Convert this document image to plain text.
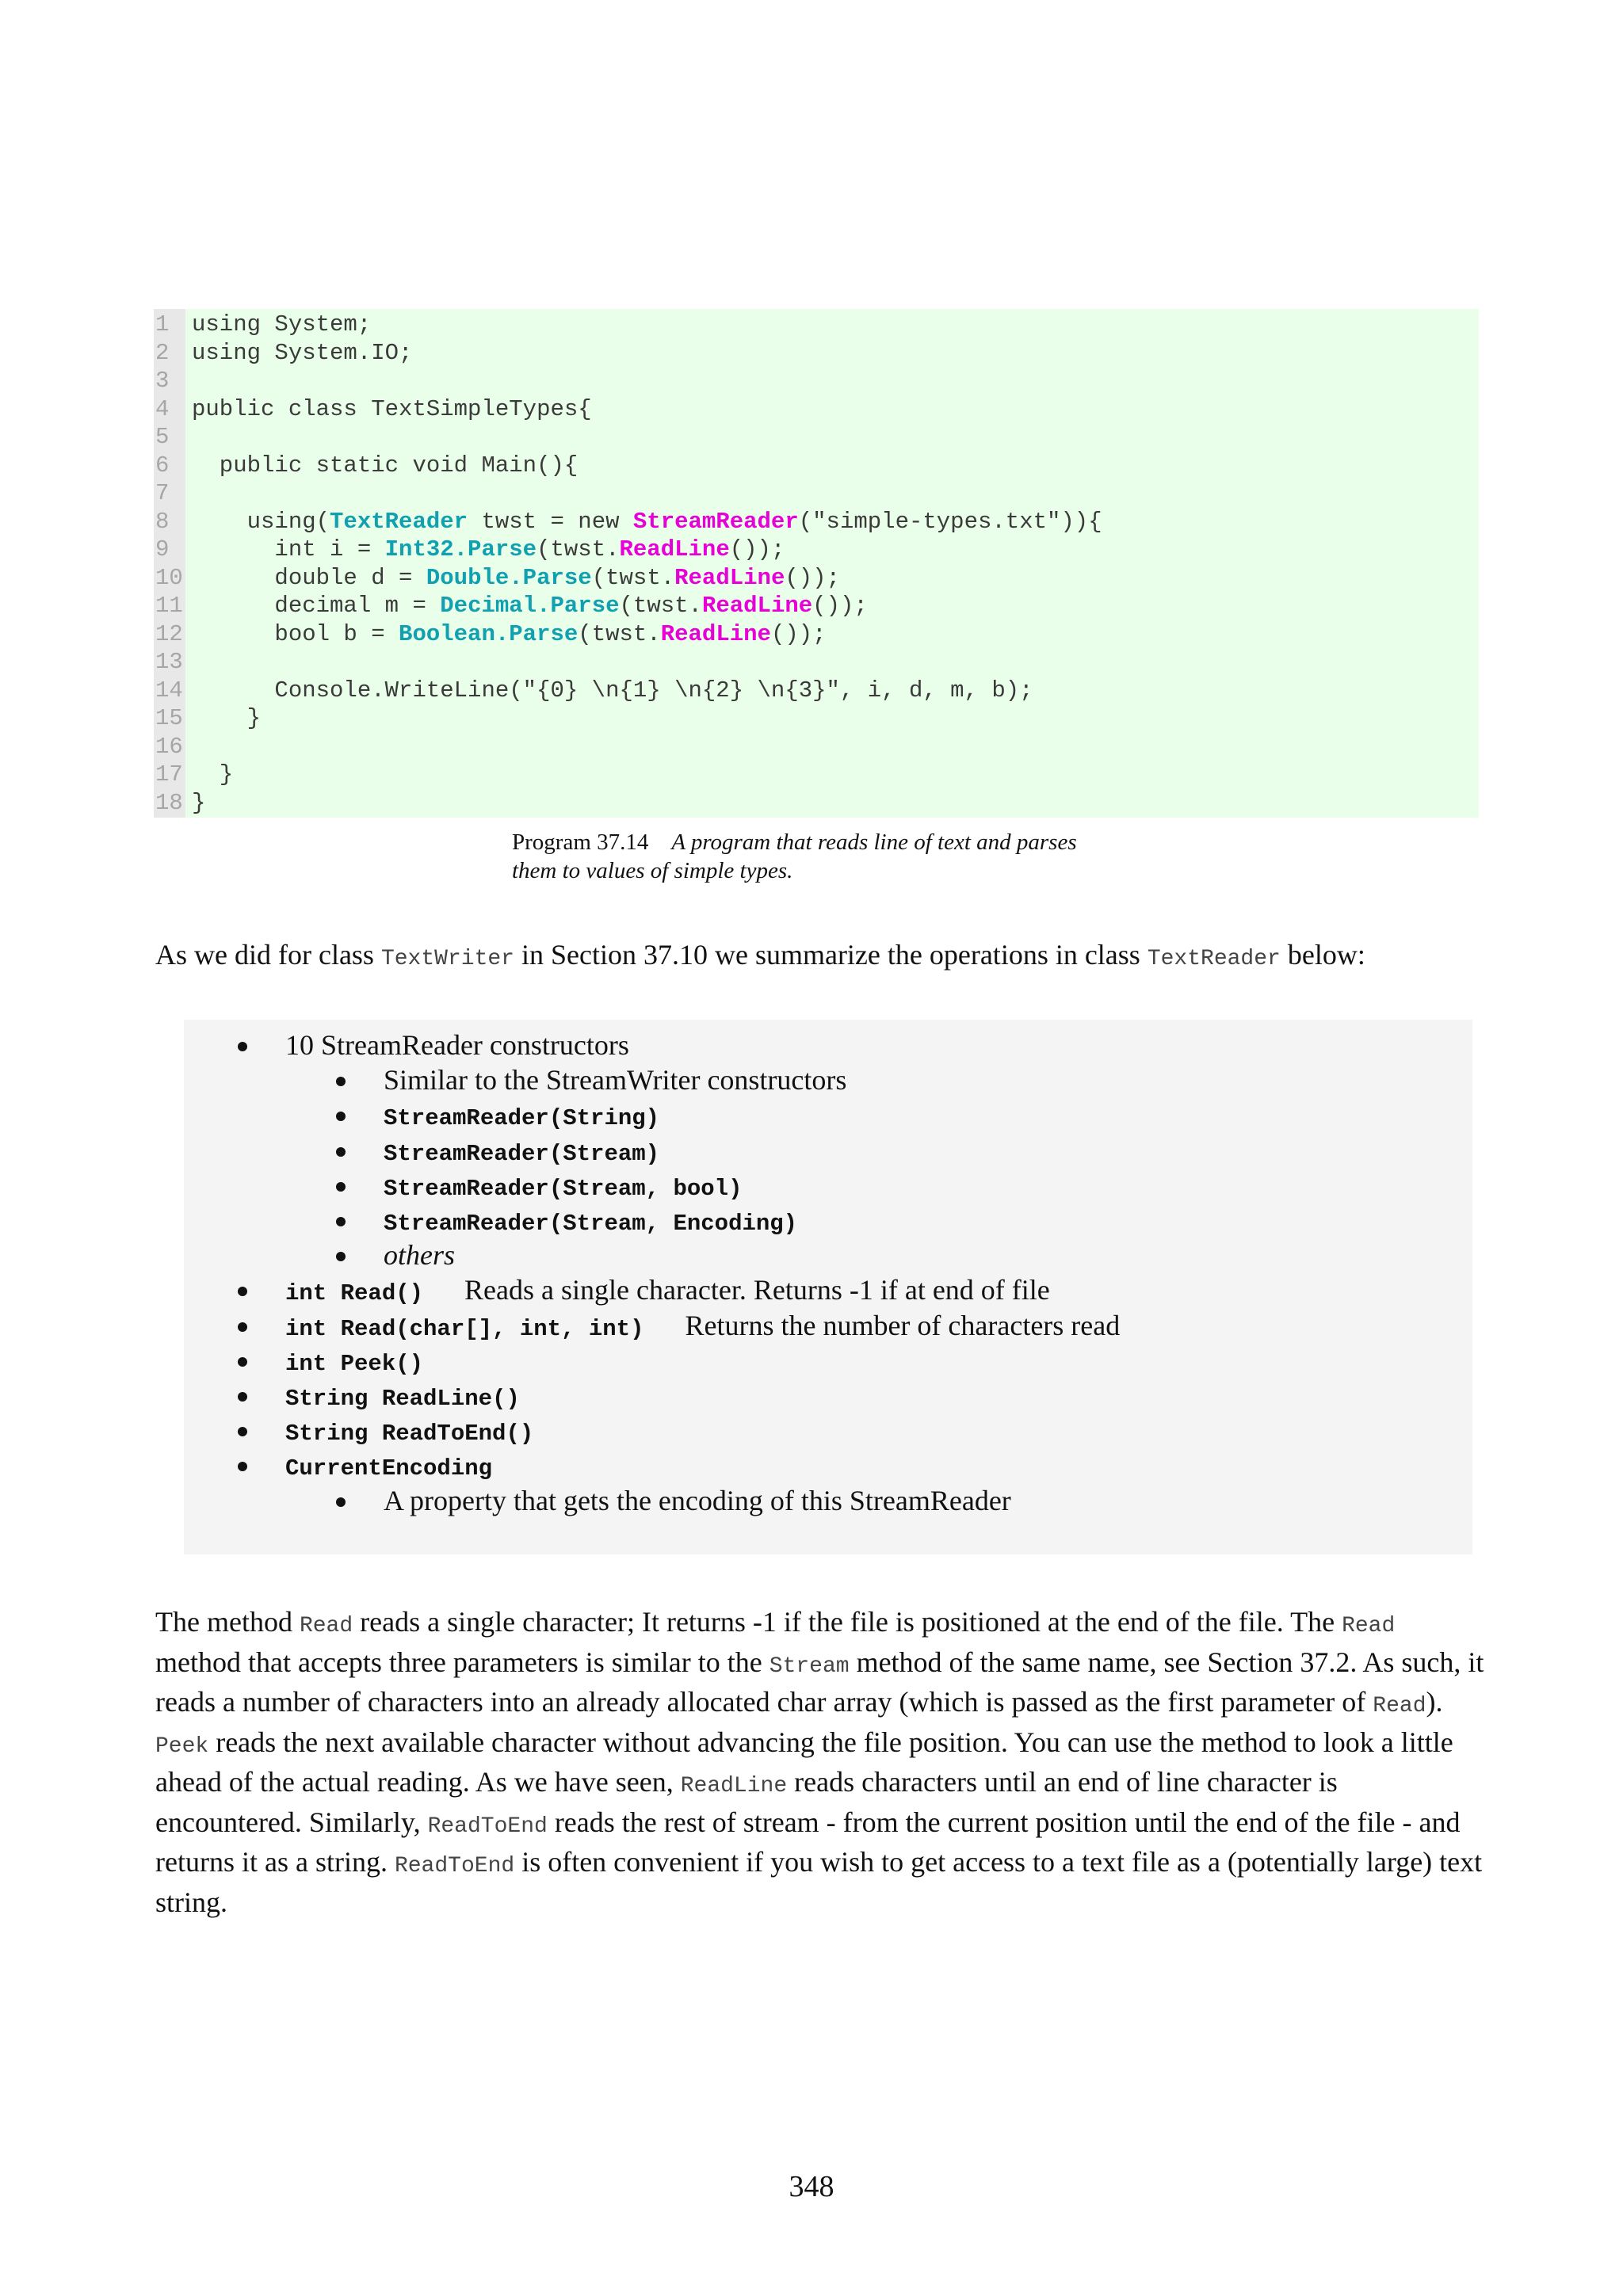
1 using System;
2 using System.IO;
3
4 public class TextSimpleTypes{
5
6  public static void Main(){
7
8    using(TextReader twst = new StreamReader("simple-types.txt")){
9      int i = Int32.Parse(twst.ReadLine());
10      double d = Double.Parse(twst.ReadLine());
11      decimal m = Decimal.Parse(twst.ReadLine());
12      bool b = Boolean.Parse(twst.ReadLine());
13
14      Console.WriteLine("{0} \n{1} \n{2} \n{3}", i, d, m, b);
15    }
16
17  }
18 }
Program 37.14 A program that reads line of text and parses
them to values of simple types.
As we did for class TextWriter in Section 37.10 we summarize the operations in class TextReader below:
10 StreamReader constructors
Similar to the StreamWriter constructors
StreamReader(String)
StreamReader(Stream)
StreamReader(Stream, bool)
StreamReader(Stream, Encoding)
others
int Read() Reads a single character. Returns -1 if at end of file
int Read(char[], int, int) Returns the number of characters read
int Peek()
String ReadLine()
String ReadToEnd()
CurrentEncoding
A property that gets the encoding of this StreamReader
The method Read reads a single character; It returns -1 if the file is positioned at the end of the file. The Read method that accepts three parameters is similar to the Stream method of the same name, see Section 37.2. As such, it reads a number of characters into an already allocated char array (which is passed as the first parameter of Read). Peek reads the next available character without advancing the file position. You can use the method to look a little ahead of the actual reading. As we have seen, ReadLine reads characters until an end of line character is encountered. Similarly, ReadToEnd reads the rest of stream - from the current position until the end of the file - and returns it as a string. ReadToEnd is often convenient if you wish to get access to a text file as a (potentially large) text string.
348
